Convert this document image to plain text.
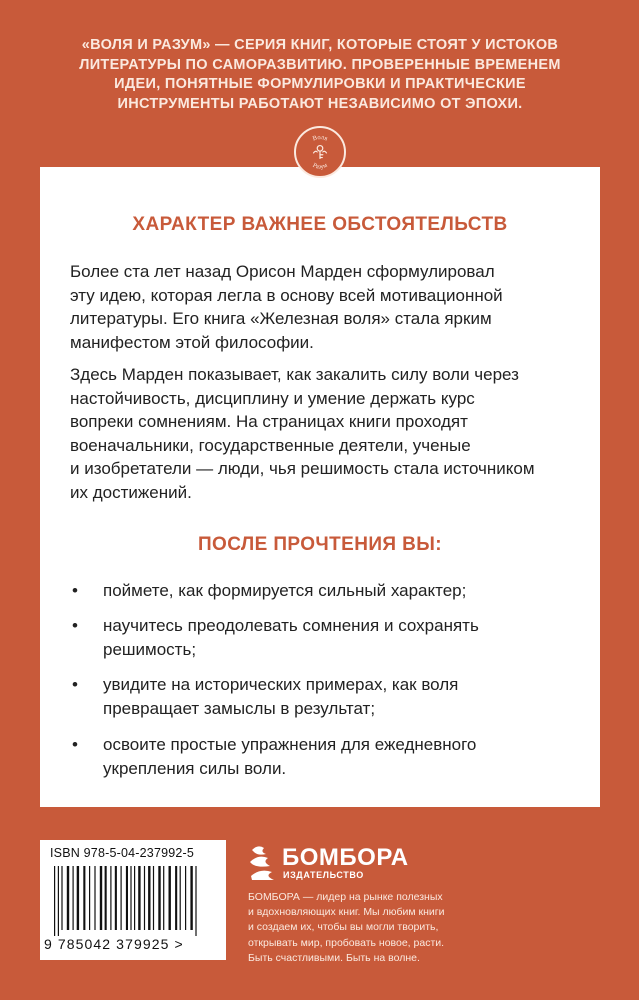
«ВОЛЯ И РАЗУМ» — СЕРИЯ КНИГ, КОТОРЫЕ СТОЯТ У ИСТОКОВ
ЛИТЕРАТУРЫ ПО САМОРАЗВИТИЮ. ПРОВЕРЕННЫЕ ВРЕМЕНЕМ
ИДЕИ, ПОНЯТНЫЕ ФОРМУЛИРОВКИ И ПРАКТИЧЕСКИЕ
ИНСТРУМЕНТЫ РАБОТАЮТ НЕЗАВИСИМО ОТ ЭПОХИ.
ХАРАКТЕР ВАЖНЕЕ ОБСТОЯТЕЛЬСТВ

Более ста лет назад Орисон Марден сформулировал
эту идею, которая легла в основу всей мотивационной
литературы. Его книга «Железная воля» стала ярким
манифестом этой философии.

Здесь Марден показывает, как закалить силу воли через
настойчивость, дисциплину и умение держать курс
вопреки сомнениям. На страницах книги проходят
военачальники, государственные деятели, ученые
и изобретатели — люди, чья решимость стала источником
их достижений.

ПОСЛЕ ПРОЧТЕНИЯ ВЫ:
• поймете, как формируется сильный характер;
• научитесь преодолевать сомнения и сохранять
решимость;
• увидите на исторических примерах, как воля
превращает замыслы в результат;
• освоите простые упражнения для ежедневного
укрепления силы воли.
Воля
Разум
ISBN 978-5-04-237992-5
9 785042 379925 >
БОМБОРА
ИЗДАТЕЛЬСТВО
БОМБОРА — лидер на рынке полезных
и вдохновляющих книг. Мы любим книги
и создаем их, чтобы вы могли творить,
открывать мир, пробовать новое, расти.
Быть счастливыми. Быть на волне.
